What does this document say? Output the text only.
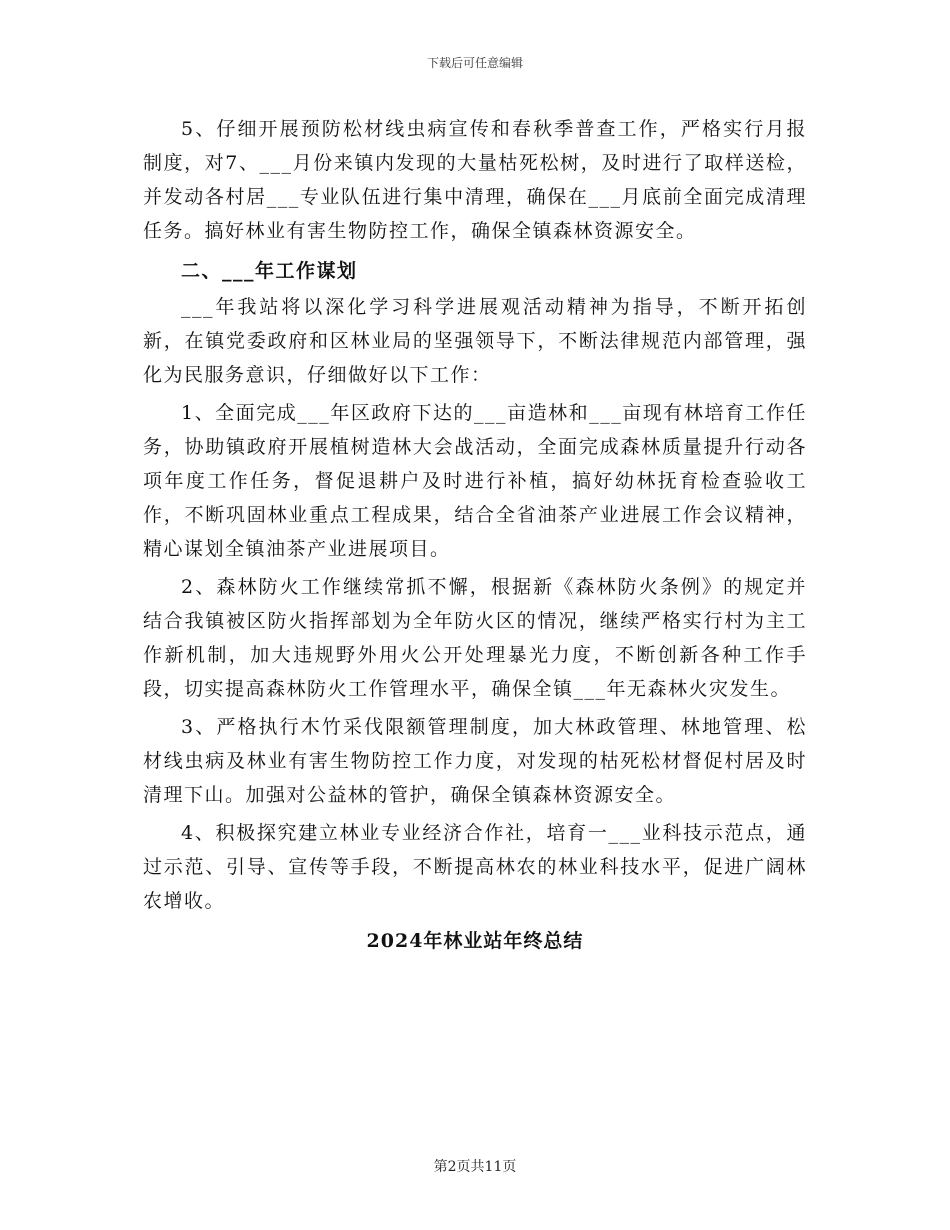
下载后可任意编辑

5、仔细开展预防松材线虫病宣传和春秋季普查工作，严格实行月报制度，对7、___月份来镇内发现的大量枯死松树，及时进行了取样送检，并发动各村居___专业队伍进行集中清理，确保在___月底前全面完成清理任务。搞好林业有害生物防控工作，确保全镇森林资源安全。

二、___年工作谋划

___年我站将以深化学习科学进展观活动精神为指导，不断开拓创新，在镇党委政府和区林业局的坚强领导下，不断法律规范内部管理，强化为民服务意识，仔细做好以下工作：

1、全面完成___年区政府下达的___亩造林和___亩现有林培育工作任务，协助镇政府开展植树造林大会战活动，全面完成森林质量提升行动各项年度工作任务，督促退耕户及时进行补植，搞好幼林抚育检查验收工作，不断巩固林业重点工程成果，结合全省油茶产业进展工作会议精神，精心谋划全镇油茶产业进展项目。

2、森林防火工作继续常抓不懈，根据新《森林防火条例》的规定并结合我镇被区防火指挥部划为全年防火区的情况，继续严格实行村为主工作新机制，加大违规野外用火公开处理暴光力度，不断创新各种工作手段，切实提高森林防火工作管理水平，确保全镇___年无森林火灾发生。

3、严格执行木竹采伐限额管理制度，加大林政管理、林地管理、松材线虫病及林业有害生物防控工作力度，对发现的枯死松材督促村居及时清理下山。加强对公益林的管护，确保全镇森林资源安全。

4、积极探究建立林业专业经济合作社，培育一___业科技示范点，通过示范、引导、宣传等手段，不断提高林农的林业科技水平，促进广阔林农增收。

2024年林业站年终总结

第2页共11页
